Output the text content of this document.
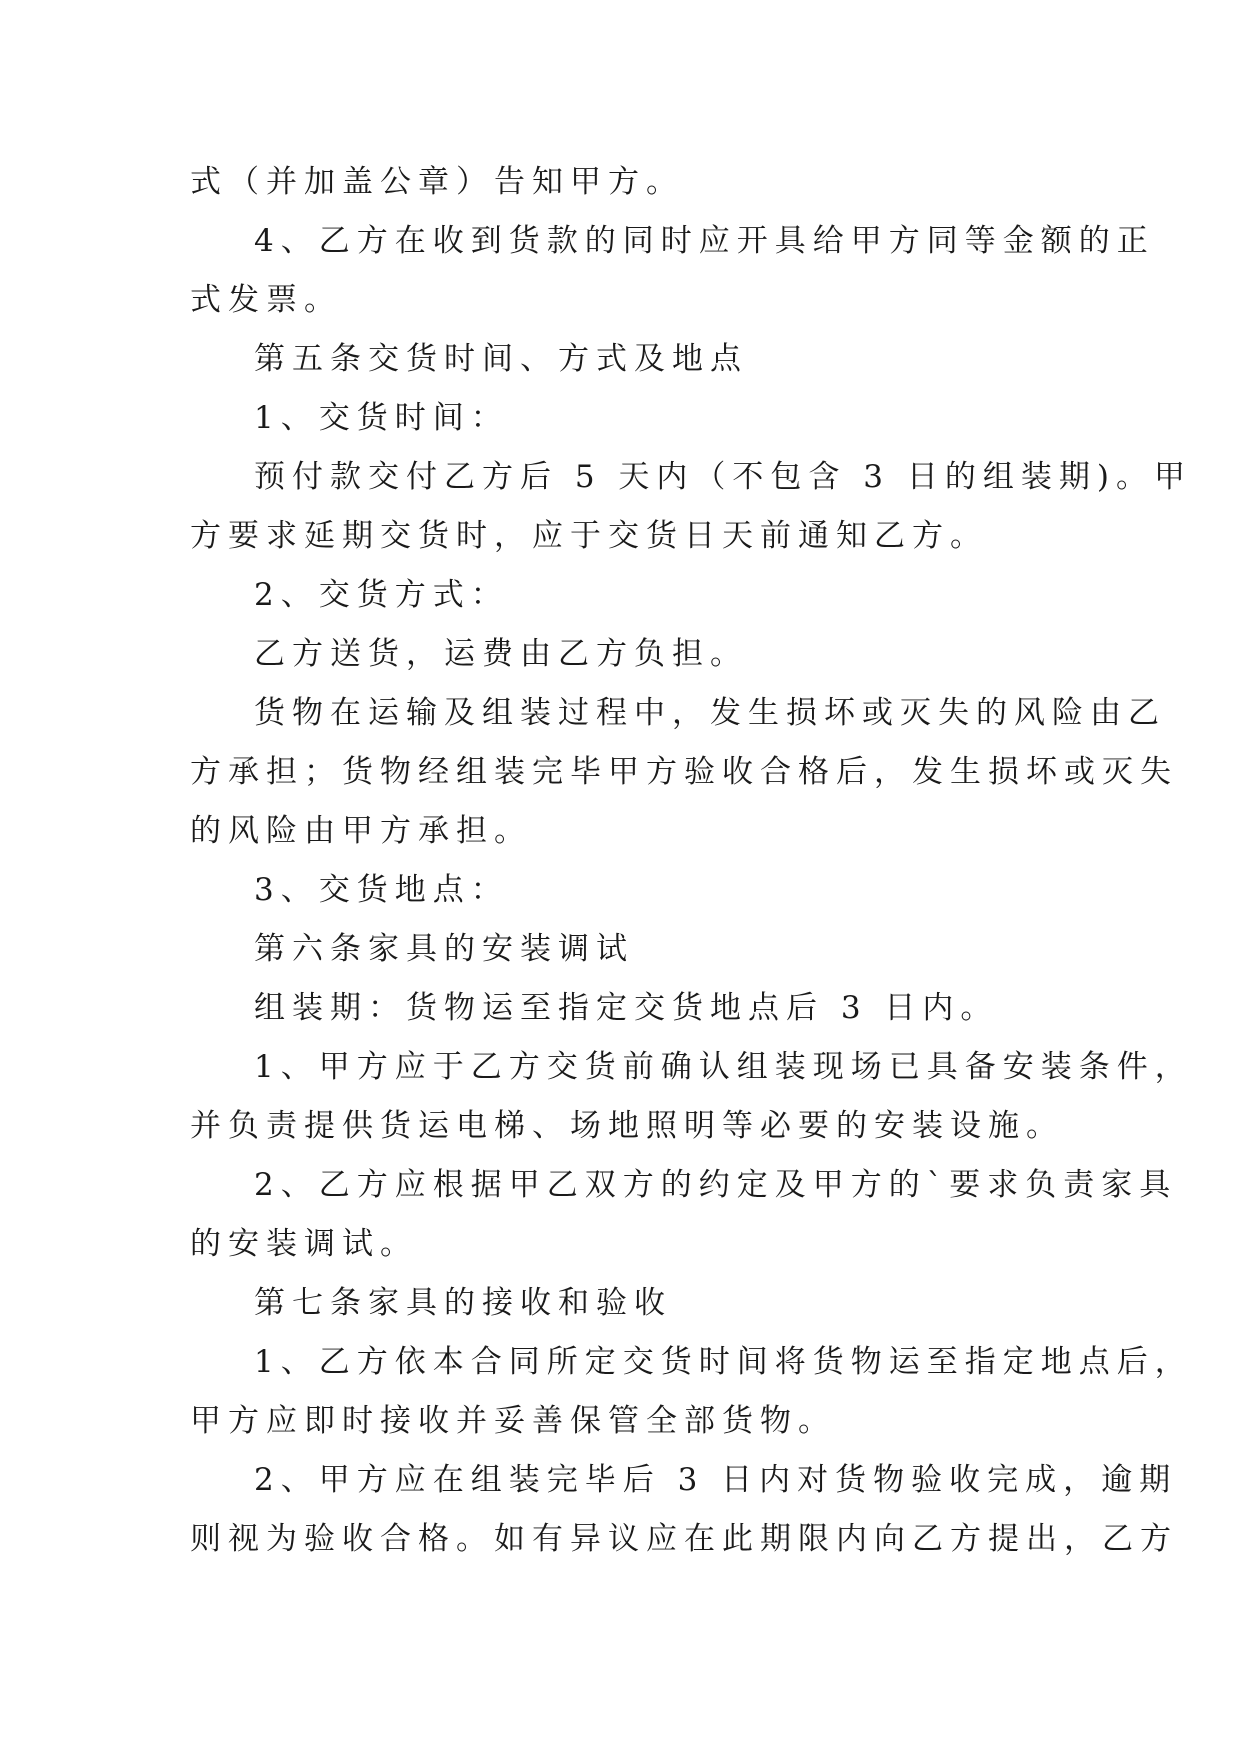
式（并加盖公章）告知甲方。
4、乙方在收到货款的同时应开具给甲方同等金额的正
式发票。
第五条交货时间、方式及地点
1、交货时间：
预付款交付乙方后 5 天内（不包含 3 日的组装期)。甲
方要求延期交货时，应于交货日天前通知乙方。
2、交货方式：
乙方送货，运费由乙方负担。
货物在运输及组装过程中，发生损坏或灭失的风险由乙
方承担；货物经组装完毕甲方验收合格后，发生损坏或灭失
的风险由甲方承担。
3、交货地点：
第六条家具的安装调试
组装期：货物运至指定交货地点后 3 日内。
1、甲方应于乙方交货前确认组装现场已具备安装条件，
并负责提供货运电梯、场地照明等必要的安装设施。
2、乙方应根据甲乙双方的约定及甲方的`要求负责家具
的安装调试。
第七条家具的接收和验收
1、乙方依本合同所定交货时间将货物运至指定地点后，
甲方应即时接收并妥善保管全部货物。
2、甲方应在组装完毕后 3 日内对货物验收完成，逾期
则视为验收合格。如有异议应在此期限内向乙方提出，乙方
